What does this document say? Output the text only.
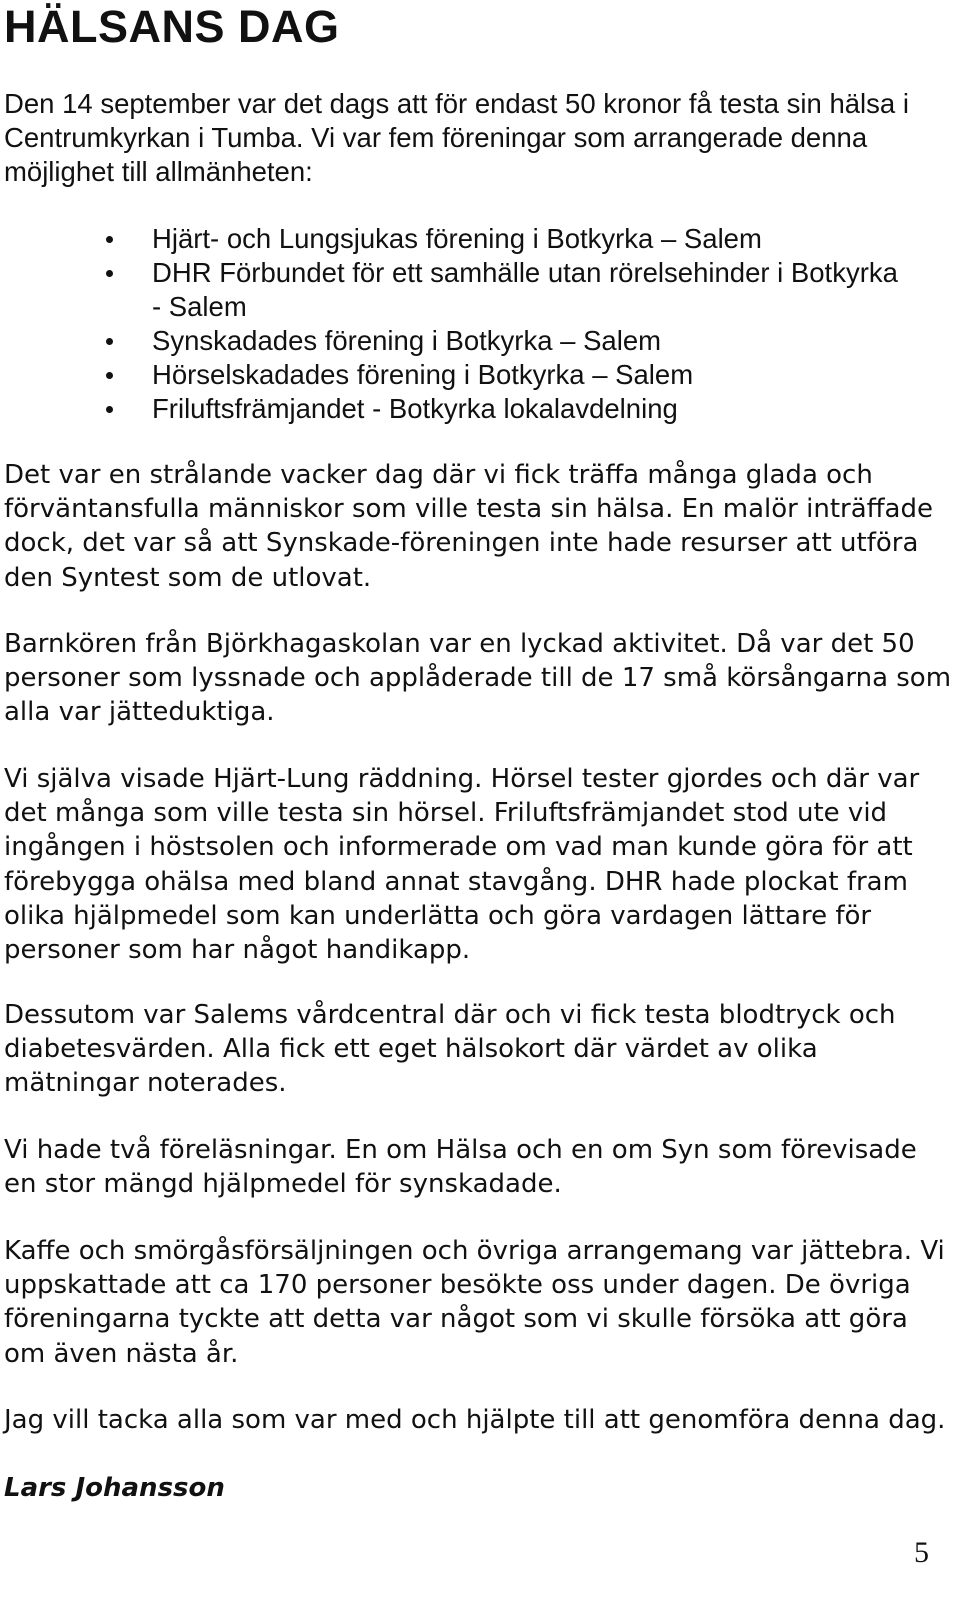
HÄLSANS DAG

Den 14 september var det dags att för endast 50 kronor få testa sin hälsa i Centrumkyrkan i Tumba. Vi var fem föreningar som arrangerade denna möjlighet till allmänheten:

Hjärt- och Lungsjukas förening i Botkyrka – Salem
DHR Förbundet för ett samhälle utan rörelsehinder i Botkyrka - Salem
Synskadades förening i Botkyrka – Salem
Hörselskadades förening i Botkyrka – Salem
Friluftsfrämjandet - Botkyrka lokalavdelning

Det var en strålande vacker dag där vi fick träffa många glada och förväntansfulla människor som ville testa sin hälsa. En malör inträffade dock, det var så att Synskade-föreningen inte hade resurser att utföra den Syntest som de utlovat.

Barnkören från Björkhagaskolan var en lyckad aktivitet. Då var det 50 personer som lyssnade och applåderade till de 17 små körsångarna som alla var jätteduktiga.

Vi själva visade Hjärt-Lung räddning. Hörsel tester gjordes och där var det många som ville testa sin hörsel. Friluftsfrämjandet stod ute vid ingången i höstsolen och informerade om vad man kunde göra för att förebygga ohälsa med bland annat stavgång. DHR hade plockat fram olika hjälpmedel som kan underlätta och göra vardagen lättare för personer som har något handikapp.

Dessutom var Salems vårdcentral där och vi fick testa blodtryck och diabetesvärden. Alla fick ett eget hälsokort där värdet av olika mätningar noterades.

Vi hade två föreläsningar. En om Hälsa och en om Syn som förevisade en stor mängd hjälpmedel för synskadade.

Kaffe och smörgåsförsäljningen och övriga arrangemang var jättebra. Vi uppskattade att ca 170 personer besökte oss under dagen. De övriga föreningarna tyckte att detta var något som vi skulle försöka att göra om även nästa år.

Jag vill tacka alla som var med och hjälpte till att genomföra denna dag.

Lars Johansson

5
